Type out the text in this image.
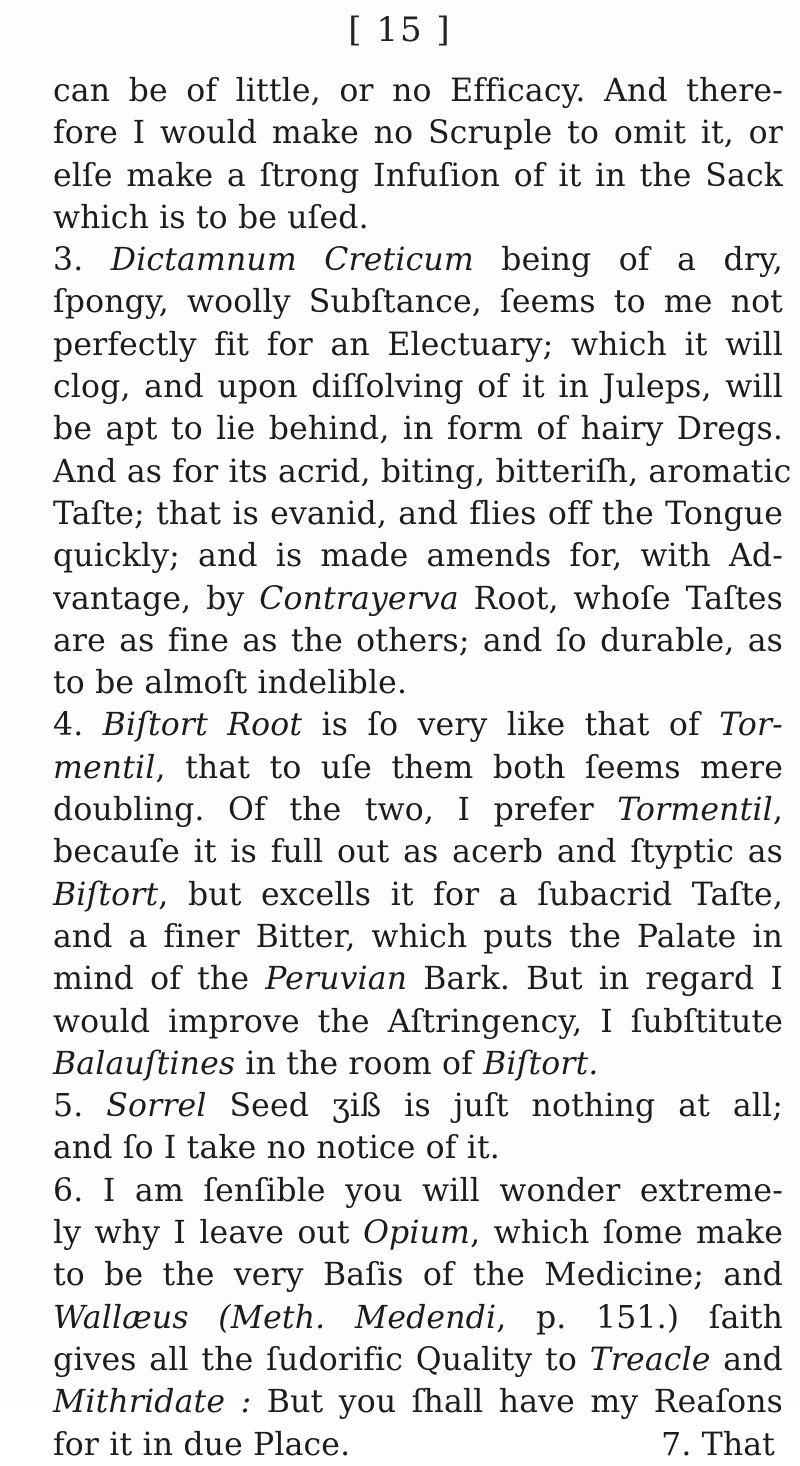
[ 15 ]
can be of little, or no Efficacy. And there-
fore I would make no Scruple to omit it, or
elſe make a ſtrong Infuſion of it in the Sack
which is to be uſed.
3. Dictamnum Creticum being of a dry,
ſpongy, woolly Subſtance, ſeems to me not
perfectly fit for an Electuary; which it will
clog, and upon diſſolving of it in Juleps, will
be apt to lie behind, in form of hairy Dregs.
And as for its acrid, biting, bitteriſh, aromatic
Taſte; that is evanid, and flies off the Tongue
quickly; and is made amends for, with Ad-
vantage, by Contrayerva Root, whoſe Taſtes
are as fine as the others; and ſo durable, as
to be almoſt indelible.
4. Biſtort Root is ſo very like that of Tor-
mentil, that to uſe them both ſeems mere
doubling. Of the two, I prefer Tormentil,
becauſe it is full out as acerb and ſtyptic as
Biſtort, but excells it for a ſubacrid Taſte,
and a finer Bitter, which puts the Palate in
mind of the Peruvian Bark. But in regard I
would improve the Aſtringency, I ſubſtitute
Balauſtines in the room of Biſtort.
5. Sorrel Seed ʒiß is juſt nothing at all;
and ſo I take no notice of it.
6. I am ſenſible you will wonder extreme-
ly why I leave out Opium, which ſome make
to be the very Baſis of the Medicine; and
Wallæus (Meth. Medendi, p. 151.) ſaith
gives all the ſudorific Quality to Treacle and
Mithridate : But you ſhall have my Reaſons
for it in due Place.	7. That
